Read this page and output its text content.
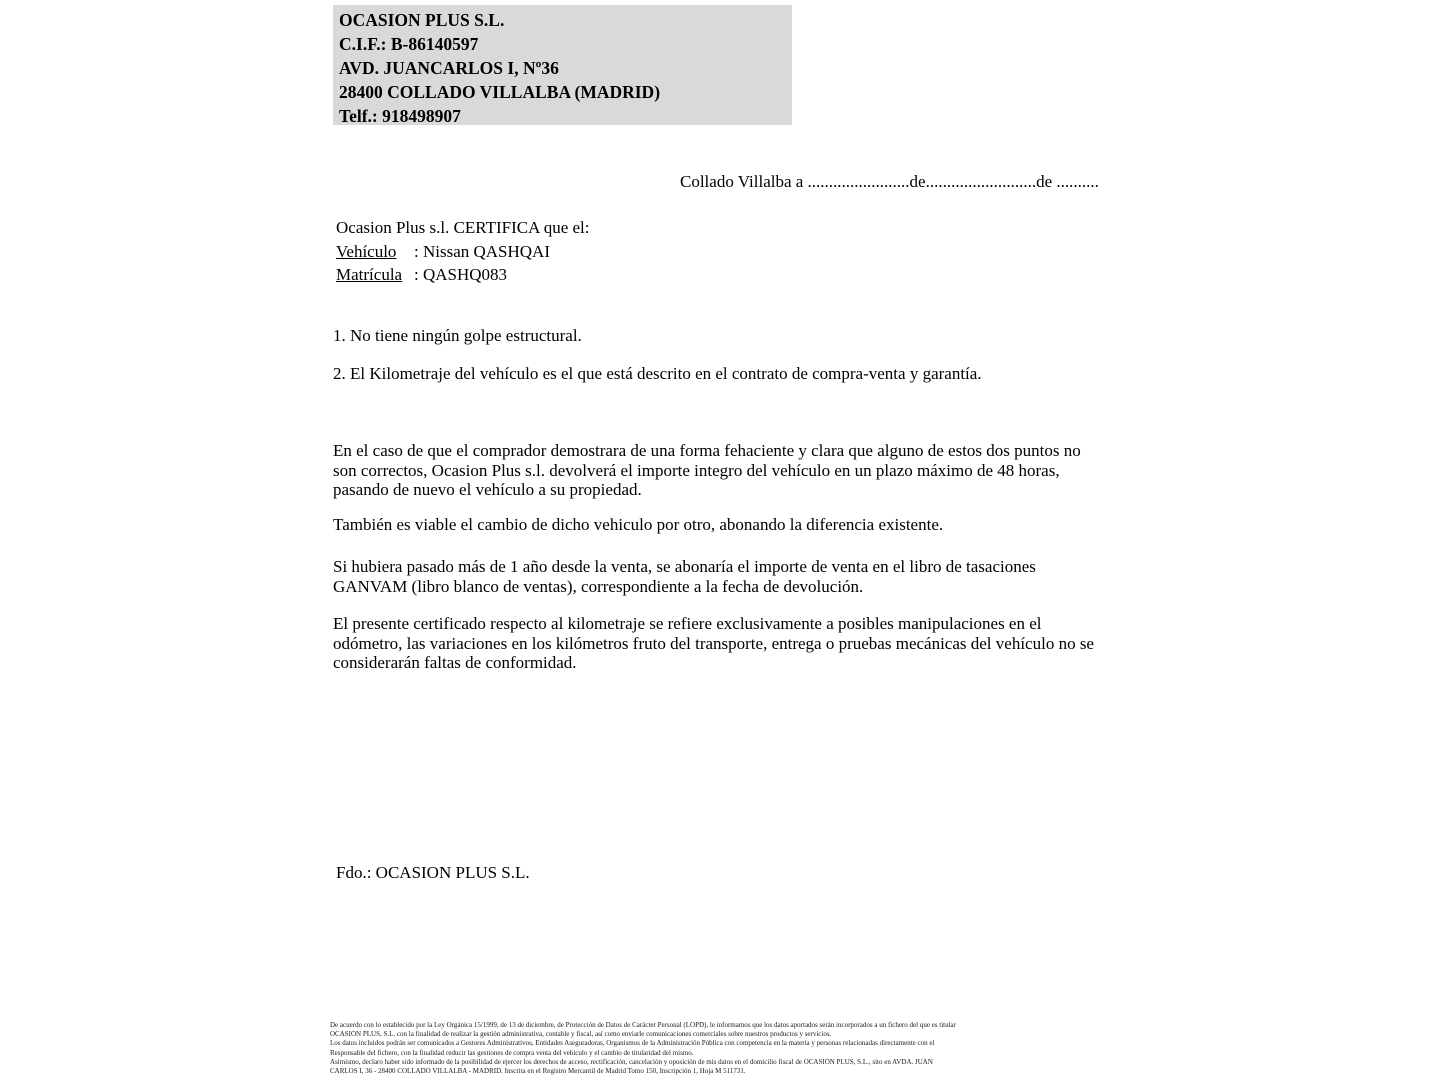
OCASION PLUS S.L.
C.I.F.: B-86140597
AVD. JUANCARLOS I, Nº36
28400 COLLADO VILLALBA (MADRID)
Telf.: 918498907
Collado Villalba a ........................de..........................de ..........
Ocasion Plus s.l. CERTIFICA que el:
Vehículo : Nissan QASHQAI
Matrícula : QASHQ083
1. No tiene ningún golpe estructural.
2. El Kilometraje del vehículo es el que está descrito en el contrato de compra-venta y garantía.
En el caso de que el comprador demostrara de una forma fehaciente y clara que alguno de estos dos puntos no son correctos, Ocasion Plus s.l. devolverá el importe integro del vehículo en un plazo máximo de 48 horas, pasando de nuevo el vehículo a su propiedad.
También es viable el cambio de dicho vehiculo por otro, abonando la diferencia existente.
Si hubiera pasado más de 1 año desde la venta, se abonaría el importe de venta en el libro de tasaciones GANVAM (libro blanco de ventas), correspondiente a la fecha de devolución.
El presente certificado respecto al kilometraje se refiere exclusivamente a posibles manipulaciones en el odómetro, las variaciones en los kilómetros fruto del transporte, entrega o pruebas mecánicas del vehículo no se considerarán faltas de conformidad.
Fdo.: OCASION PLUS S.L.
De acuerdo con lo establecido por la Ley Orgánica 15/1999, de 13 de diciembre, de Protección de Datos de Carácter Personal (LOPD), le informamos que los datos aportados serán incorporados a un fichero del que es titular
OCASIÓN PLUS, S.L. con la finalidad de realizar la gestión administrativa, contable y fiscal, así como enviarle comunicaciones comerciales sobre nuestros productos y servicios.
Los datos incluidos podrán ser comunicados a Gestores Administrativos, Entidades Aseguradoras, Organismos de la Administración Pública con competencia en la materia y personas relacionadas directamente con el
Responsable del fichero, con la finalidad reducir las gestiones de compra venta del vehículo y el cambio de titularidad del mismo.
Asimismo, declaro haber sido informado de la posibilidad de ejercer los derechos de acceso, rectificación, cancelación y oposición de mis datos en el domicilio fiscal de OCASIÓN PLUS, S.L., sito en AVDA. JUAN
CARLOS I, 36 - 28400 COLLADO VILLALBA - MADRID. Inscrita en el Registro Mercantil de Madrid Tomo 150, Inscripción 1, Hoja M 511731.
